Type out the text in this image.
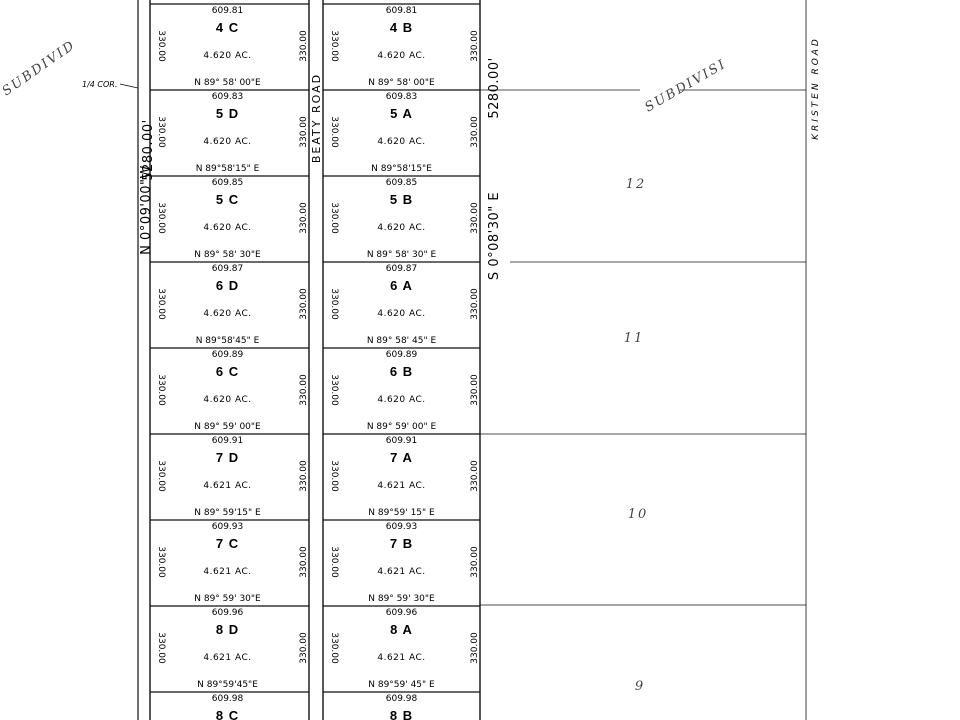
5280.00'
N 0°09'00"W
5280.00'
S 0°08'30" E
BEATY ROAD	KRISTEN ROAD
1/4 COR.
SUBDIVID	SUBDIVISI
609.81
4 C
4.620 AC.
N 89° 58' 00"E
330.00	330.00
609.81
4 B
4.620 AC.
N 89° 58' 00"E
330.00	330.00
609.83
5 D
4.620 AC.
N 89°58'15" E
330.00	330.00
609.83
5 A
4.620 AC.
N 89°58'15"E
330.00	330.00
609.85
5 C
4.620 AC.
N 89° 58' 30"E
330.00	330.00
609.85
5 B
4.620 AC.
N 89° 58' 30" E
330.00	330.00
609.87
6 D
4.620 AC.
N 89°58'45" E
330.00	330.00
609.87
6 A
4.620 AC.
N 89° 58' 45" E
330.00	330.00
609.89
6 C
4.620 AC.
N 89° 59' 00"E
330.00	330.00
609.89
6 B
4.620 AC.
N 89° 59' 00" E
330.00	330.00
609.91
7 D
4.621 AC.
N 89° 59'15" E
330.00	330.00
609.91
7 A
4.621 AC.
N 89°59' 15" E
330.00	330.00
609.93
7 C
4.621 AC.
N 89° 59' 30"E
330.00	330.00
609.93
7 B
4.621 AC.
N 89° 59' 30"E
330.00	330.00
609.96
8 D
4.621 AC.
N 89°59'45"E
330.00	330.00
609.96
8 A
4.621 AC.
N 89°59' 45" E
330.00	330.00
609.98
8 C
609.98
8 B
12
11
10
9
